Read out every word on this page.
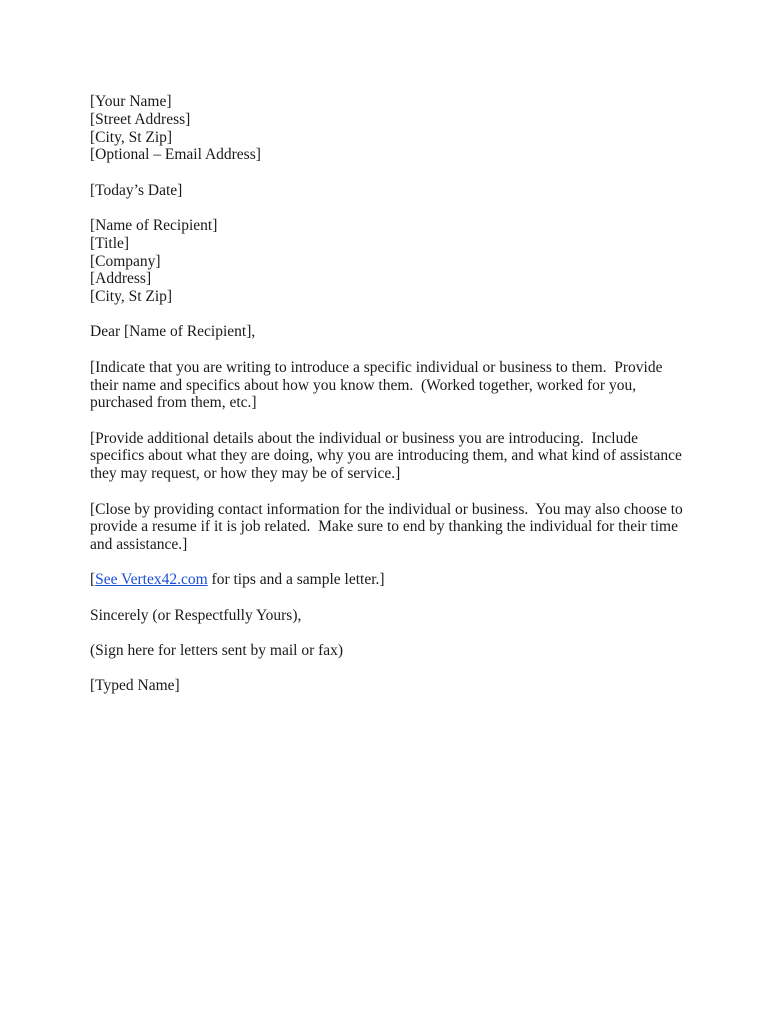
[Your Name]
[Street Address]
[City, St Zip]
[Optional – Email Address]
[Today’s Date]
[Name of Recipient]
[Title]
[Company]
[Address]
[City, St Zip]
Dear [Name of Recipient],
[Indicate that you are writing to introduce a specific individual or business to them.  Provide
their name and specifics about how you know them.  (Worked together, worked for you,
purchased from them, etc.]
[Provide additional details about the individual or business you are introducing.  Include
specifics about what they are doing, why you are introducing them, and what kind of assistance
they may request, or how they may be of service.]
[Close by providing contact information for the individual or business.  You may also choose to
provide a resume if it is job related.  Make sure to end by thanking the individual for their time
and assistance.]
[See Vertex42.com for tips and a sample letter.]
Sincerely (or Respectfully Yours),
(Sign here for letters sent by mail or fax)
[Typed Name]
